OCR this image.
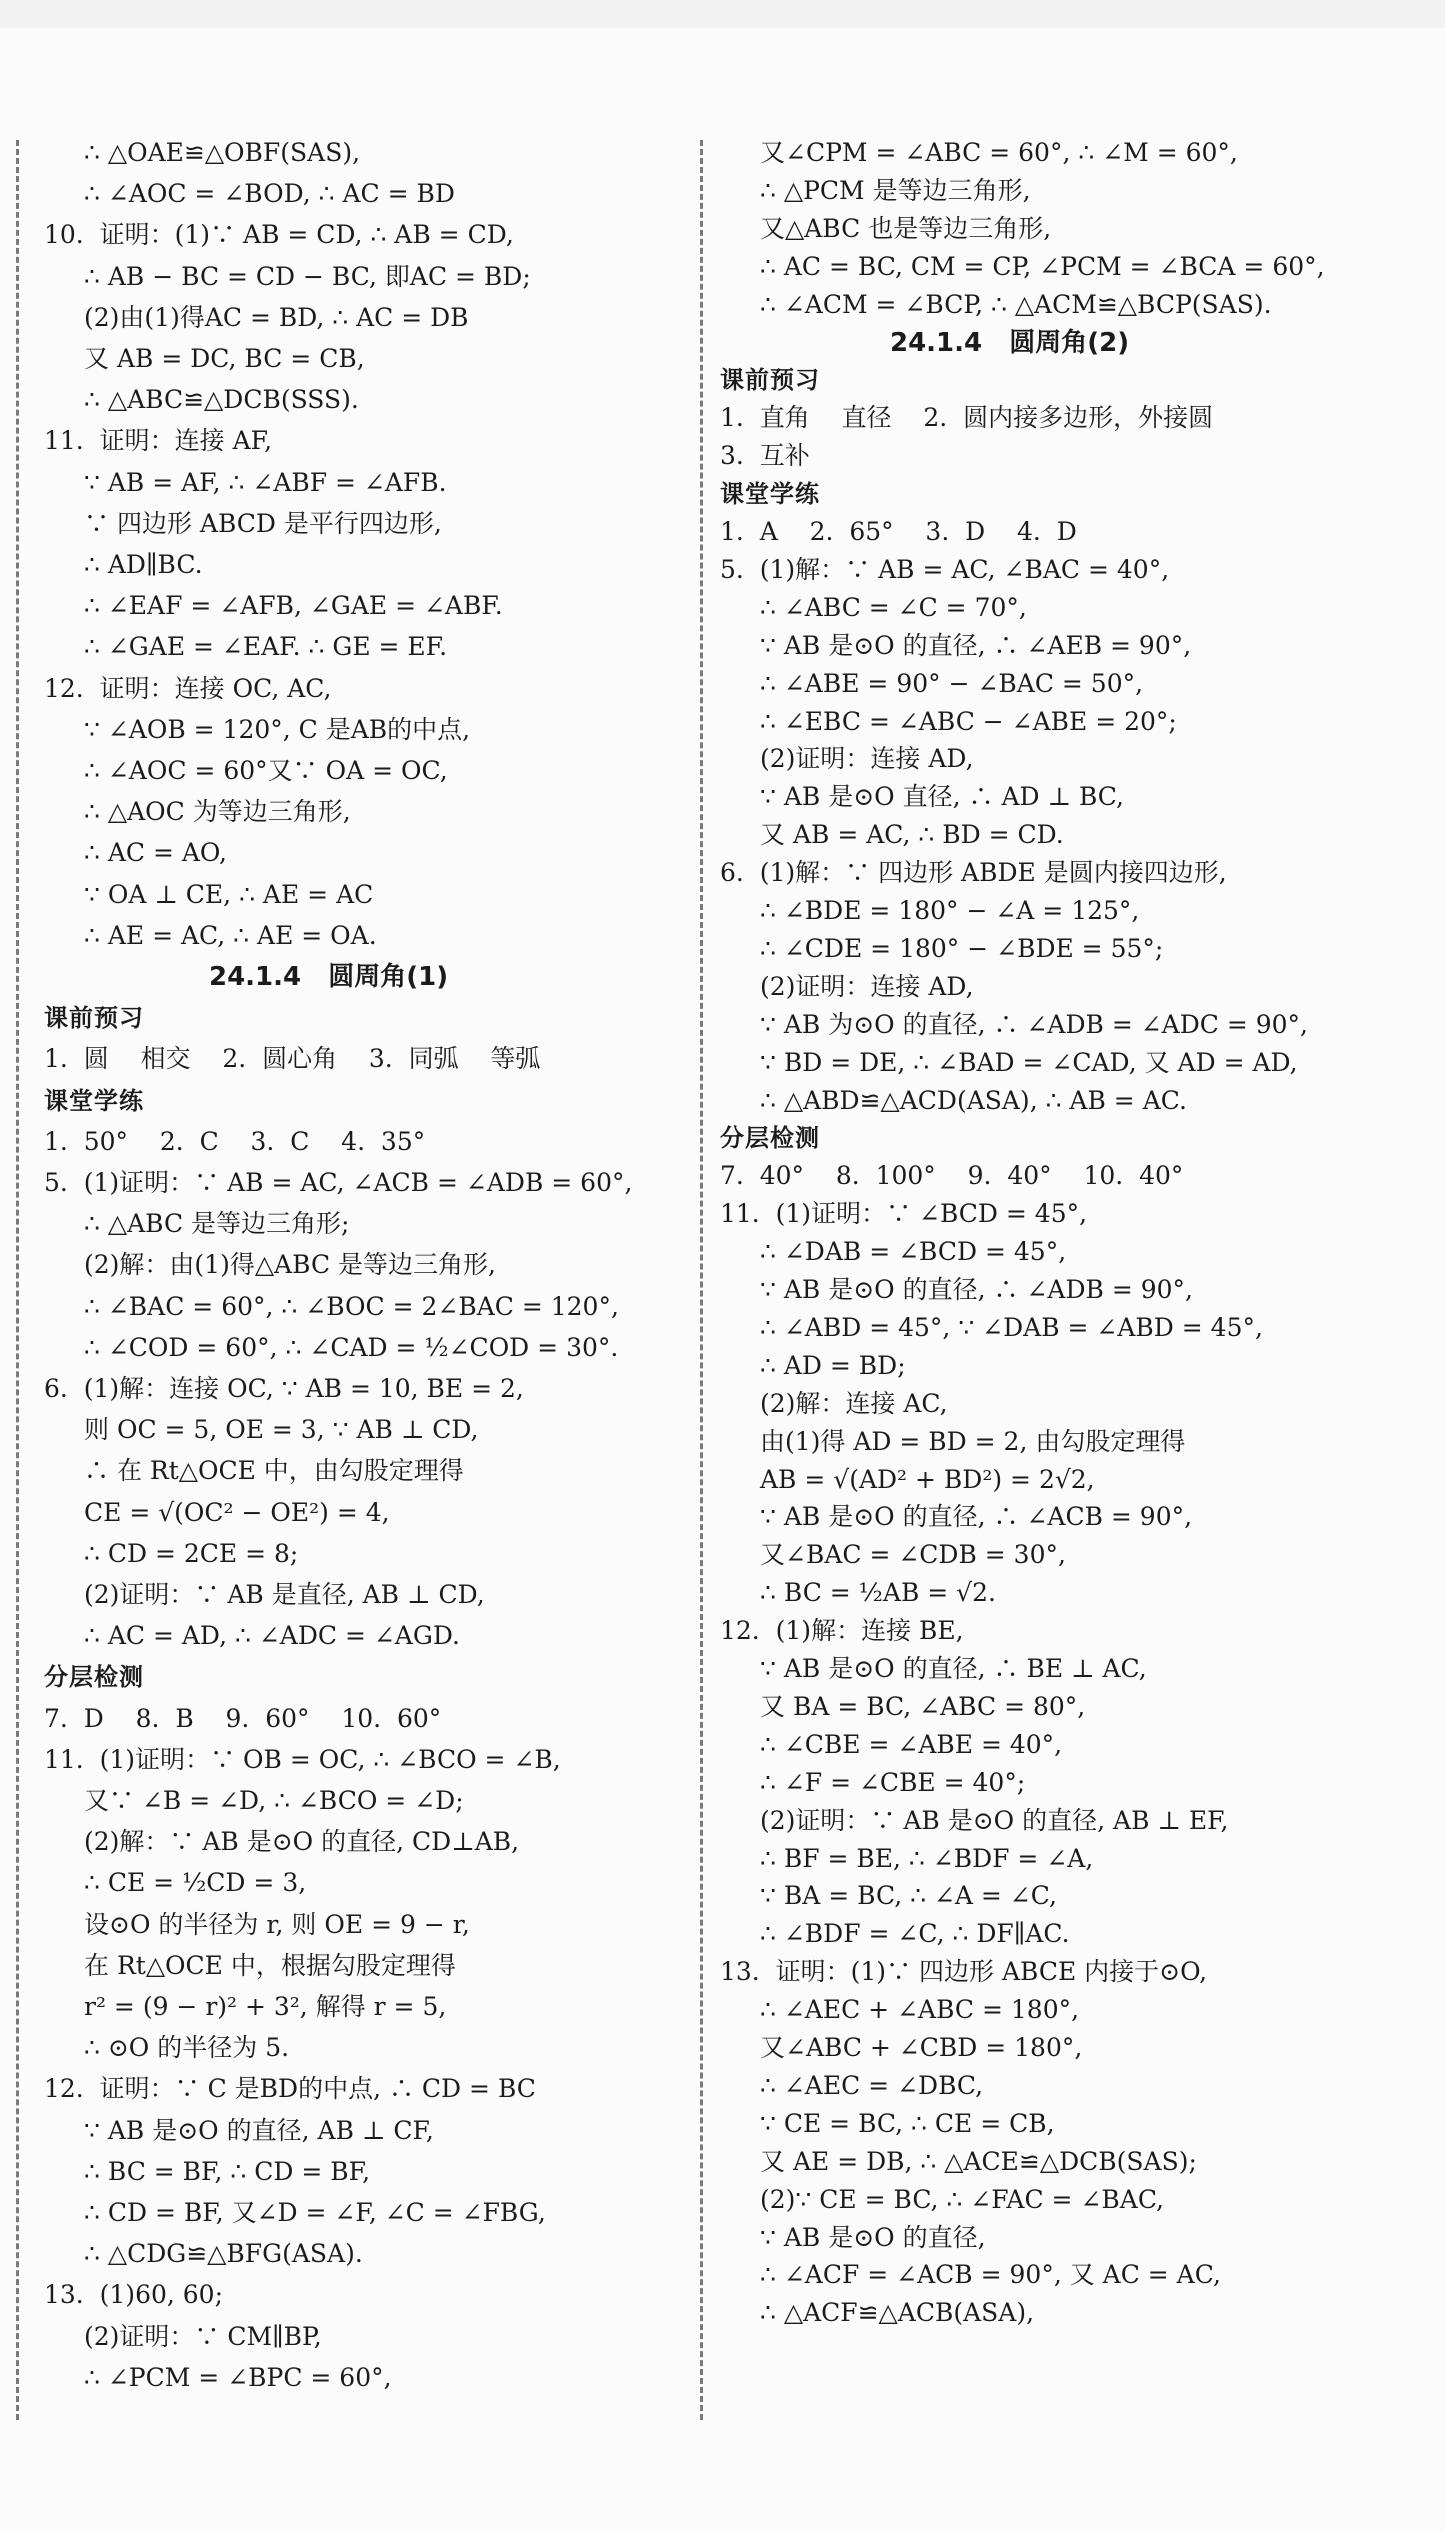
∴ △OAE≌△OBF(SAS),
∴ ∠AOC = ∠BOD, ∴ AC = BD
10.  证明：(1)∵ AB = CD, ∴ AB = CD,
∴ AB − BC = CD − BC, 即AC = BD;
(2)由(1)得AC = BD, ∴ AC = DB
又 AB = DC, BC = CB,
∴ △ABC≌△DCB(SSS).
11.  证明：连接 AF,
∵ AB = AF, ∴ ∠ABF = ∠AFB.
∵ 四边形 ABCD 是平行四边形,
∴ AD∥BC.
∴ ∠EAF = ∠AFB, ∠GAE = ∠ABF.
∴ ∠GAE = ∠EAF. ∴ GE = EF.
12.  证明：连接 OC, AC,
∵ ∠AOB = 120°, C 是AB的中点,
∴ ∠AOC = 60°又∵ OA = OC,
∴ △AOC 为等边三角形,
∴ AC = AO,
∵ OA ⊥ CE, ∴ AE = AC
∴ AE = AC, ∴ AE = OA.
24.1.4   圆周角(1)
课前预习
1.  圆    相交    2.  圆心角    3.  同弧    等弧
课堂学练
1.  50°    2.  C    3.  C    4.  35°
5.  (1)证明：∵ AB = AC, ∠ACB = ∠ADB = 60°,
∴ △ABC 是等边三角形;
(2)解：由(1)得△ABC 是等边三角形,
∴ ∠BAC = 60°, ∴ ∠BOC = 2∠BAC = 120°,
∴ ∠COD = 60°, ∴ ∠CAD = ½∠COD = 30°.
6.  (1)解：连接 OC, ∵ AB = 10, BE = 2,
则 OC = 5, OE = 3, ∵ AB ⊥ CD,
∴ 在 Rt△OCE 中，由勾股定理得
CE = √(OC² − OE²) = 4,
∴ CD = 2CE = 8;
(2)证明：∵ AB 是直径, AB ⊥ CD,
∴ AC = AD, ∴ ∠ADC = ∠AGD.
分层检测
7.  D    8.  B    9.  60°    10.  60°
11.  (1)证明：∵ OB = OC, ∴ ∠BCO = ∠B,
又∵ ∠B = ∠D, ∴ ∠BCO = ∠D;
(2)解：∵ AB 是⊙O 的直径, CD⊥AB,
∴ CE = ½CD = 3,
设⊙O 的半径为 r, 则 OE = 9 − r,
在 Rt△OCE 中，根据勾股定理得
r² = (9 − r)² + 3², 解得 r = 5,
∴ ⊙O 的半径为 5.
12.  证明：∵ C 是BD的中点, ∴ CD = BC
∵ AB 是⊙O 的直径, AB ⊥ CF,
∴ BC = BF, ∴ CD = BF,
∴ CD = BF, 又∠D = ∠F, ∠C = ∠FBG,
∴ △CDG≌△BFG(ASA).
13.  (1)60, 60;
(2)证明：∵ CM∥BP,
∴ ∠PCM = ∠BPC = 60°,
又∠CPM = ∠ABC = 60°, ∴ ∠M = 60°,
∴ △PCM 是等边三角形,
又△ABC 也是等边三角形,
∴ AC = BC, CM = CP, ∠PCM = ∠BCA = 60°,
∴ ∠ACM = ∠BCP, ∴ △ACM≌△BCP(SAS).
24.1.4   圆周角(2)
课前预习
1.  直角    直径    2.  圆内接多边形，外接圆
3.  互补
课堂学练
1.  A    2.  65°    3.  D    4.  D
5.  (1)解：∵ AB = AC, ∠BAC = 40°,
∴ ∠ABC = ∠C = 70°,
∵ AB 是⊙O 的直径, ∴ ∠AEB = 90°,
∴ ∠ABE = 90° − ∠BAC = 50°,
∴ ∠EBC = ∠ABC − ∠ABE = 20°;
(2)证明：连接 AD,
∵ AB 是⊙O 直径, ∴ AD ⊥ BC,
又 AB = AC, ∴ BD = CD.
6.  (1)解：∵ 四边形 ABDE 是圆内接四边形,
∴ ∠BDE = 180° − ∠A = 125°,
∴ ∠CDE = 180° − ∠BDE = 55°;
(2)证明：连接 AD,
∵ AB 为⊙O 的直径, ∴ ∠ADB = ∠ADC = 90°,
∵ BD = DE, ∴ ∠BAD = ∠CAD, 又 AD = AD,
∴ △ABD≌△ACD(ASA), ∴ AB = AC.
分层检测
7.  40°    8.  100°    9.  40°    10.  40°
11.  (1)证明：∵ ∠BCD = 45°,
∴ ∠DAB = ∠BCD = 45°,
∵ AB 是⊙O 的直径, ∴ ∠ADB = 90°,
∴ ∠ABD = 45°, ∵ ∠DAB = ∠ABD = 45°,
∴ AD = BD;
(2)解：连接 AC,
由(1)得 AD = BD = 2, 由勾股定理得
AB = √(AD² + BD²) = 2√2,
∵ AB 是⊙O 的直径, ∴ ∠ACB = 90°,
又∠BAC = ∠CDB = 30°,
∴ BC = ½AB = √2.
12.  (1)解：连接 BE,
∵ AB 是⊙O 的直径, ∴ BE ⊥ AC,
又 BA = BC, ∠ABC = 80°,
∴ ∠CBE = ∠ABE = 40°,
∴ ∠F = ∠CBE = 40°;
(2)证明：∵ AB 是⊙O 的直径, AB ⊥ EF,
∴ BF = BE, ∴ ∠BDF = ∠A,
∵ BA = BC, ∴ ∠A = ∠C,
∴ ∠BDF = ∠C, ∴ DF∥AC.
13.  证明：(1)∵ 四边形 ABCE 内接于⊙O,
∴ ∠AEC + ∠ABC = 180°,
又∠ABC + ∠CBD = 180°,
∴ ∠AEC = ∠DBC,
∵ CE = BC, ∴ CE = CB,
又 AE = DB, ∴ △ACE≌△DCB(SAS);
(2)∵ CE = BC, ∴ ∠FAC = ∠BAC,
∵ AB 是⊙O 的直径,
∴ ∠ACF = ∠ACB = 90°, 又 AC = AC,
∴ △ACF≌△ACB(ASA),
